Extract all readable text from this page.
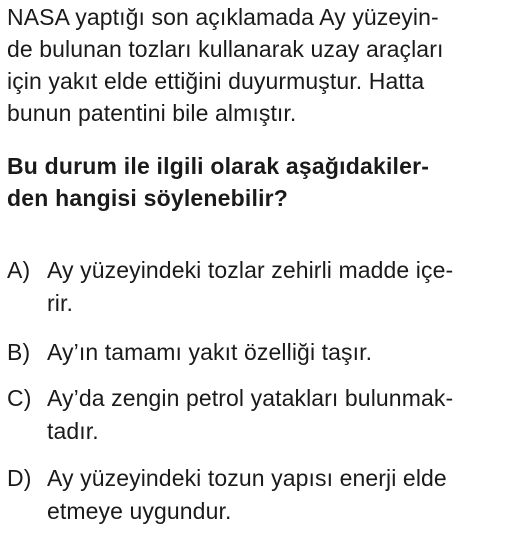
NASA yaptığı son açıklamada Ay yüzeyin-
de bulunan tozları kullanarak uzay araçları
için yakıt elde ettiğini duyurmuştur. Hatta
bunun patentini bile almıştır.
Bu durum ile ilgili olarak aşağıdakiler-
den hangisi söylenebilir?
A) Ay yüzeyindeki tozlar zehirli madde içe-
rir.
B) Ay’ın tamamı yakıt özelliği taşır.
C) Ay’da zengin petrol yatakları bulunmak-
tadır.
D) Ay yüzeyindeki tozun yapısı enerji elde
etmeye uygundur.
